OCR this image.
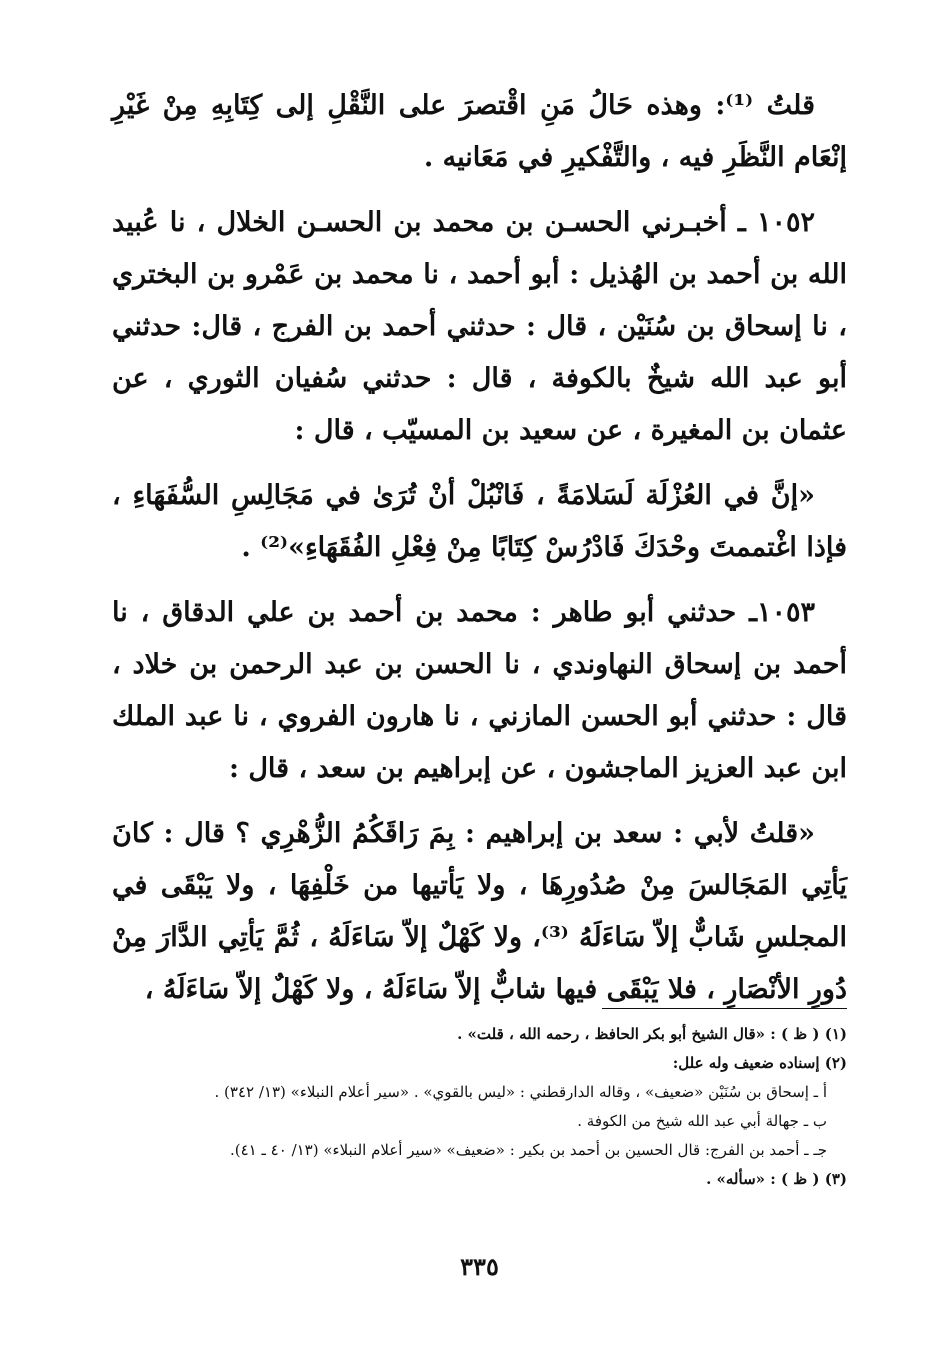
قلتُ ⁽¹⁾: وهذه حَالُ مَنِ اقْتصرَ على النَّقْلِ إلى كِتَابِهِ مِنْ غَيْرِ إنْعَام النَّظَرِ فيه ، والتَّفْكيرِ في مَعَانيه .

١٠٥٢ ـ أخبـرني الحسـن بن محمد بن الحسـن الخلال ، نا عُبيد الله بن أحمد بن الهُذيل : أبو أحمد ، نا محمد بن عَمْرو بن البختري ، نا إسحاق بن سُنَيْن ، قال : حدثني أحمد بن الفرج ، قال: حدثني أبو عبد الله شيخٌ بالكوفة ، قال : حدثني سُفيان الثوري ، عن عثمان بن المغيرة ، عن سعيد بن المسيّب ، قال :

«إنَّ في العُزْلَة لَسَلامَةً ، فَانْبُلْ أنْ تُرَىٰ في مَجَالِسِ السُّفَهَاءِ ، فإذا اغْتممتَ وحْدَكَ فَادْرُسْ كِتَابًا مِنْ فِعْلِ الفُقَهَاءِ»⁽²⁾ .

١٠٥٣ـ حدثني أبو طاهر : محمد بن أحمد بن علي الدقاق ، نا أحمد بن إسحاق النهاوندي ، نا الحسن بن عبد الرحمن بن خلاد ، قال : حدثني أبو الحسن المازني ، نا هارون الفروي ، نا عبد الملك ابن عبد العزيز الماجشون ، عن إبراهيم بن سعد ، قال :

«قلتُ لأبي : سعد بن إبراهيم : بِمَ رَاقَكُمُ الزُّهْرِي ؟ قال : كانَ يَأتِي المَجَالسَ مِنْ صُدُورِهَا ، ولا يَأتيها من خَلْفِهَا ، ولا يَبْقَى في المجلسِ شَابٌّ إلاّ سَاءَلَهُ ⁽³⁾، ولا كَهْلٌ إلاّ سَاءَلَهُ ، ثُمَّ يَأتِي الدَّارَ مِنْ دُورِ الأنْصَارِ ، فلا يَبْقَى فيها شابٌّ إلاّ سَاءَلَهُ ، ولا كَهْلٌ إلاّ سَاءَلَهُ ،

(١) ( ظ ) : «قال الشيخ أبو بكر الحافظ ، رحمه الله ، قلت» .

(٢) إسناده ضعيف وله علل:

أ ـ إسحاق بن سُنَيْن «ضعيف» ، وقاله الدارقطني : «ليس بالقوي» . «سير أعلام النبلاء» (١٣/ ٣٤٢) .

ب ـ جهالة أبي عبد الله شيخ من الكوفة .

جـ ـ أحمد بن الفرج: قال الحسين بن أحمد بن بكير : «ضعيف» «سير أعلام النبلاء» (١٣/ ٤٠ ـ ٤١).

(٣) ( ظ ) : «سأله» .

٣٣٥
